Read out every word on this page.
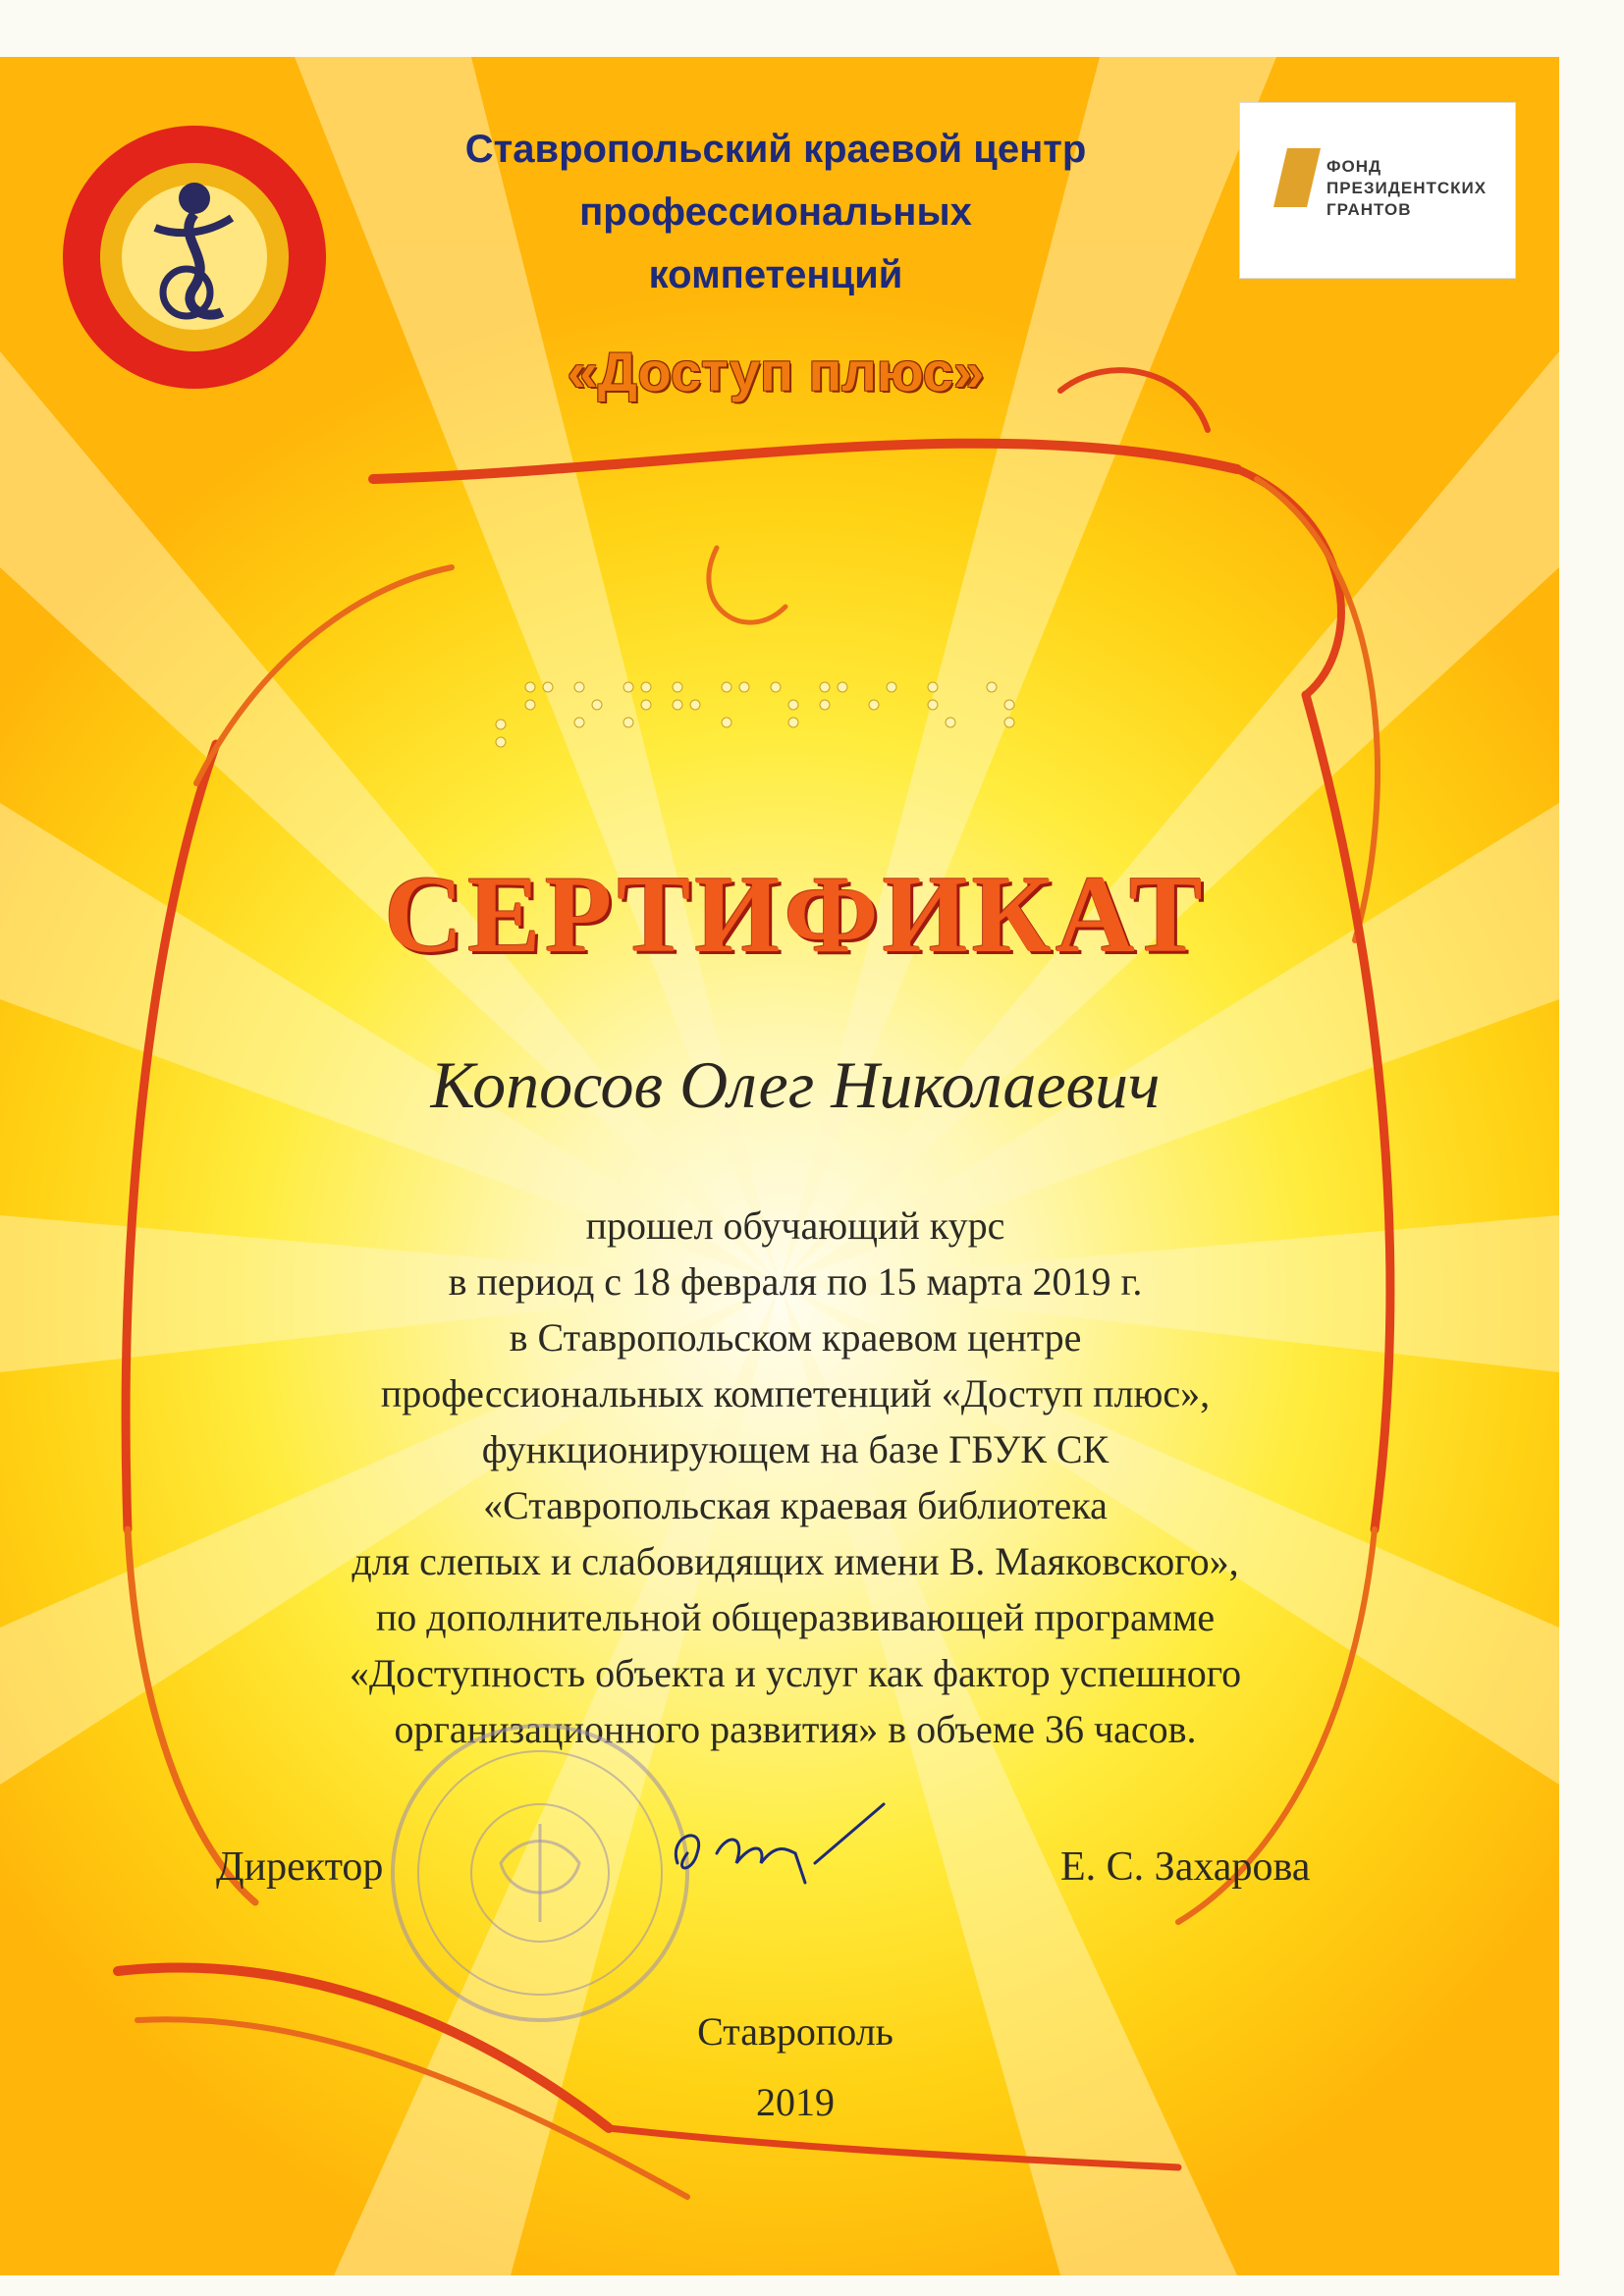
ФОНД
ПРЕЗИДЕНТСКИХ
ГРАНТОВ
Ставропольский краевой центр
профессиональных
компетенций
«Доступ плюс»
СЕРТИФИКАТ
Копосов Олег Николаевич
прошел обучающий курс
в период с 18 февраля по 15 марта 2019 г.
в Ставропольском краевом центре
профессиональных компетенций «Доступ плюс»,
функционирующем на базе ГБУК СК
«Ставропольская краевая библиотека
для слепых и слабовидящих имени В. Маяковского»,
по дополнительной общеразвивающей программе
«Доступность объекта и услуг как фактор успешного
организационного развития» в объеме 36 часов.
Директор	Е. С. Захарова
Ставрополь
2019
